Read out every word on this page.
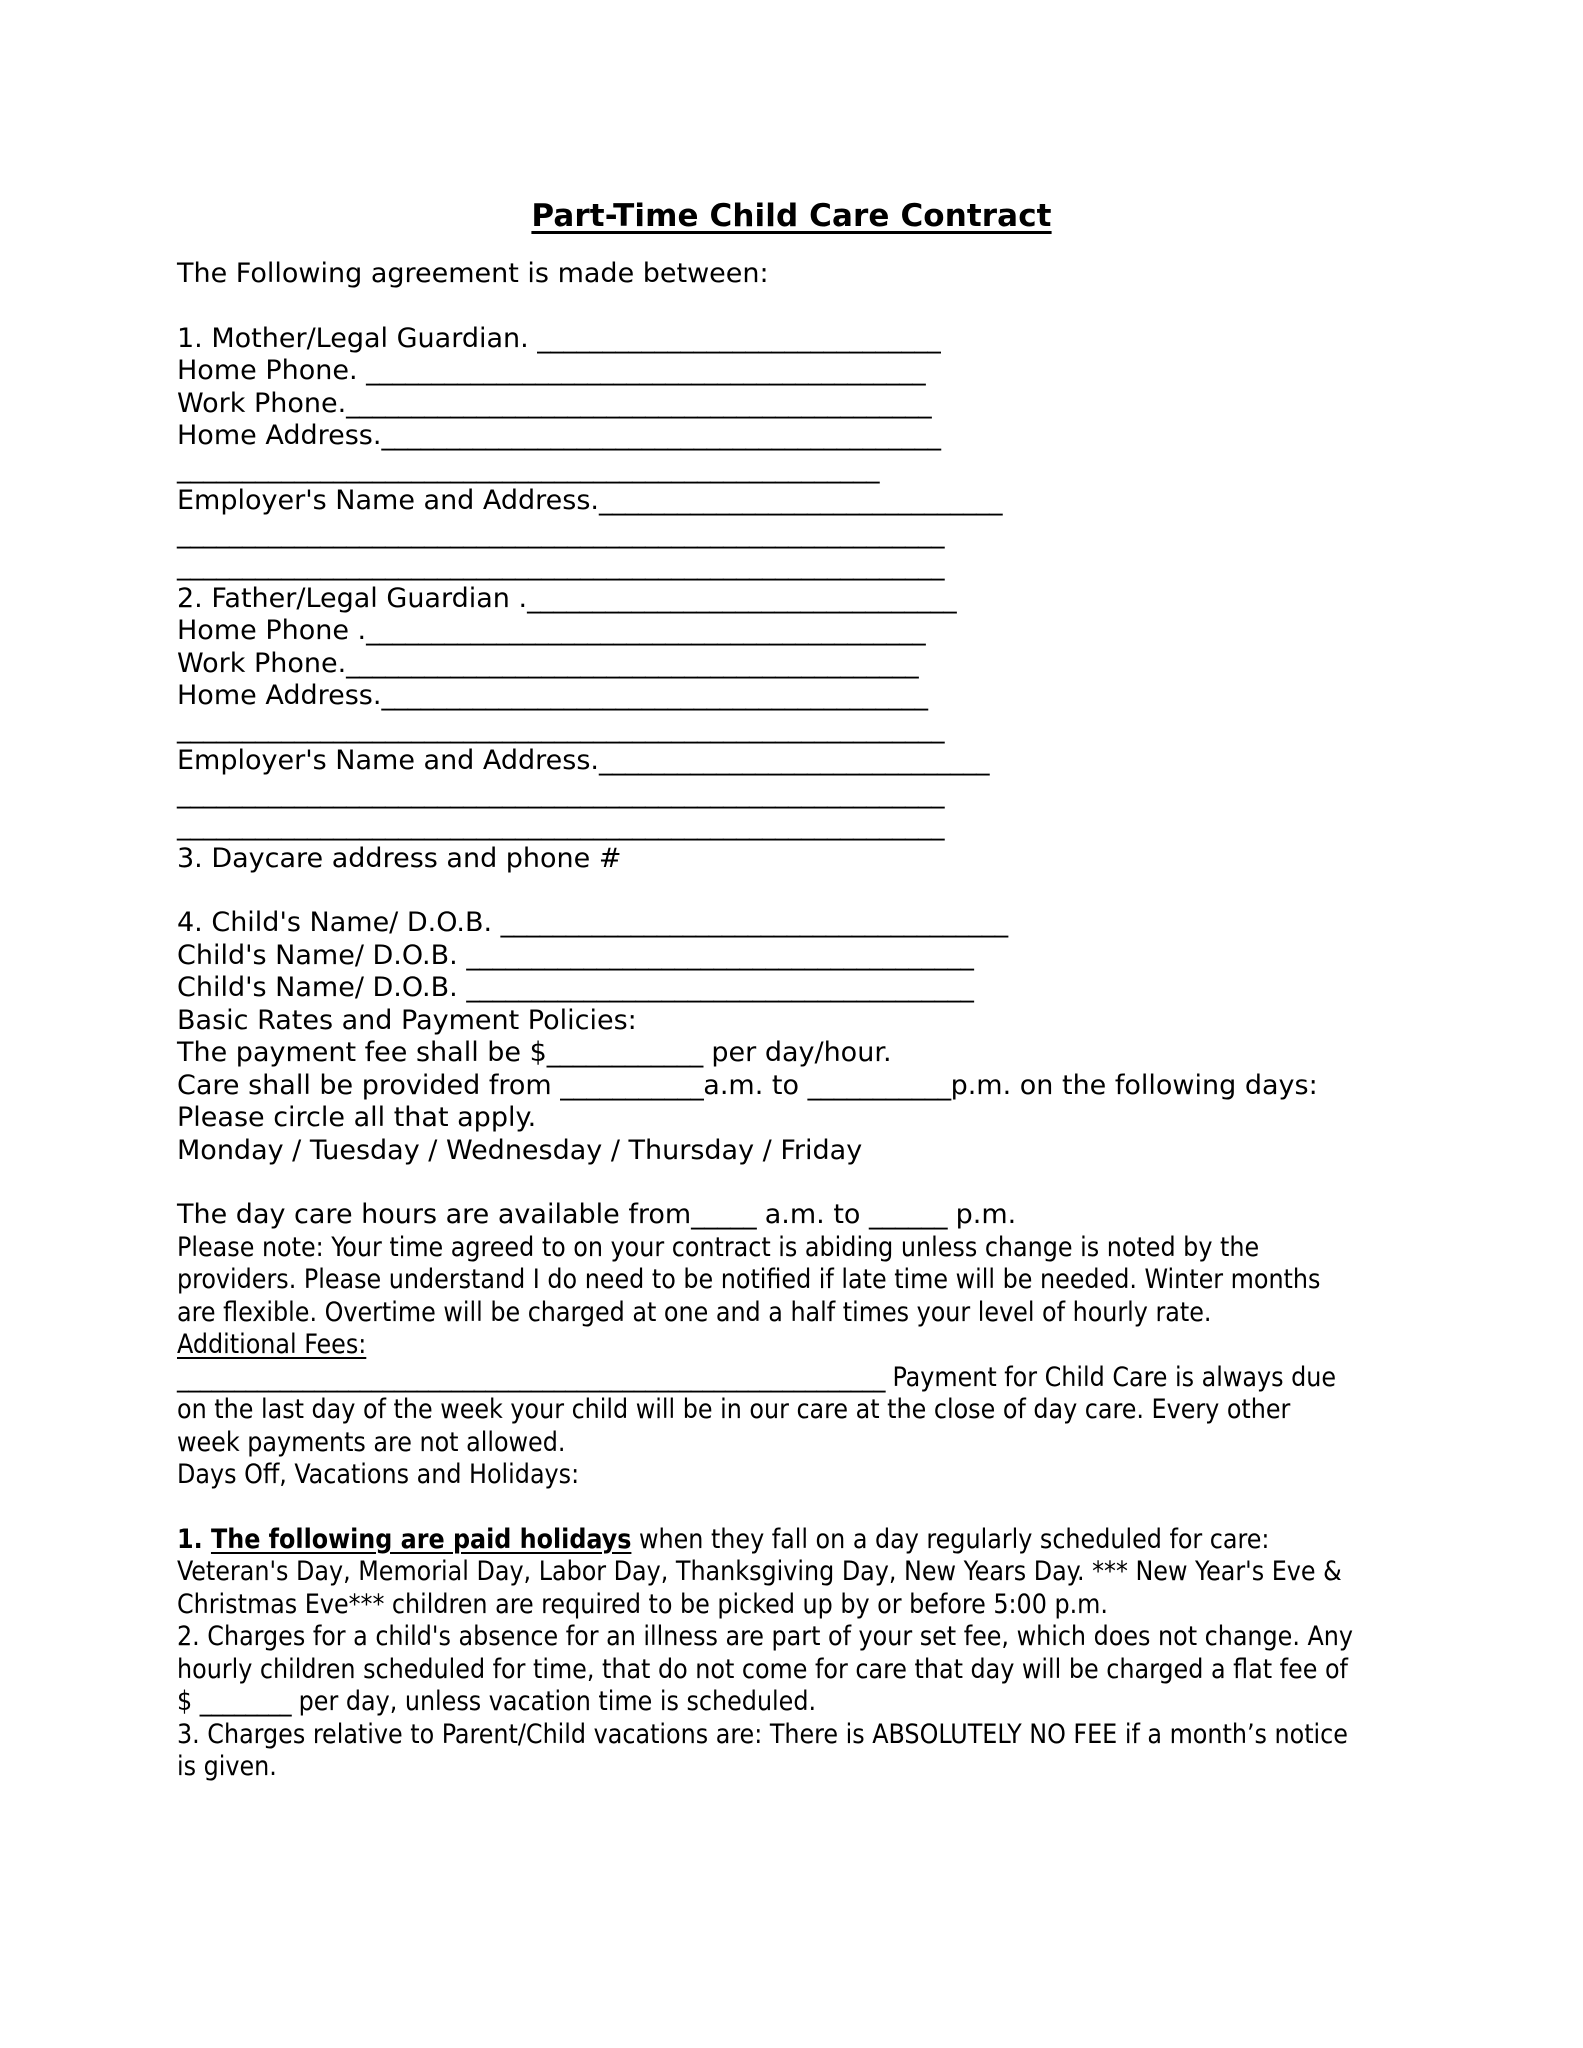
Part-Time Child Care Contract
The Following agreement is made between:
1. Mother/Legal Guardian. _______________________________
Home Phone. ___________________________________________
Work Phone._____________________________________________
Home Address.___________________________________________
______________________________________________________
Employer's Name and Address._______________________________
___________________________________________________________
___________________________________________________________
2. Father/Legal Guardian ._________________________________
Home Phone .___________________________________________
Work Phone.____________________________________________
Home Address.__________________________________________
___________________________________________________________
Employer's Name and Address.______________________________
___________________________________________________________
___________________________________________________________
3. Daycare address and phone #
4. Child's Name/ D.O.B. _______________________________________
Child's Name/ D.O.B. _______________________________________
Child's Name/ D.O.B. _______________________________________
Basic Rates and Payment Policies:
The payment fee shall be $____________ per day/hour.
Care shall be provided from ___________a.m. to ___________p.m. on the following days:
Please circle all that apply.
Monday / Tuesday / Wednesday / Thursday / Friday
The day care hours are available from_____ a.m. to ______ p.m.
Please note: Your time agreed to on your contract is abiding unless change is noted by the providers. Please understand I do need to be notified if late time will be needed. Winter months are flexible. Overtime will be charged at one and a half times your level of hourly rate.
Additional Fees:
______________________________________________________________ Payment for Child Care is always due on the last day of the week your child will be in our care at the close of day care. Every other week payments are not allowed.
Days Off, Vacations and Holidays:
1. The following are paid holidays when they fall on a day regularly scheduled for care: Veteran's Day, Memorial Day, Labor Day, Thanksgiving Day, New Years Day. *** New Year's Eve & Christmas Eve*** children are required to be picked up by or before 5:00 p.m.
2. Charges for a child's absence for an illness are part of your set fee, which does not change. Any hourly children scheduled for time, that do not come for care that day will be charged a flat fee of $ ________ per day, unless vacation time is scheduled.
3. Charges relative to Parent/Child vacations are: There is ABSOLUTELY NO FEE if a month’s notice is given.
